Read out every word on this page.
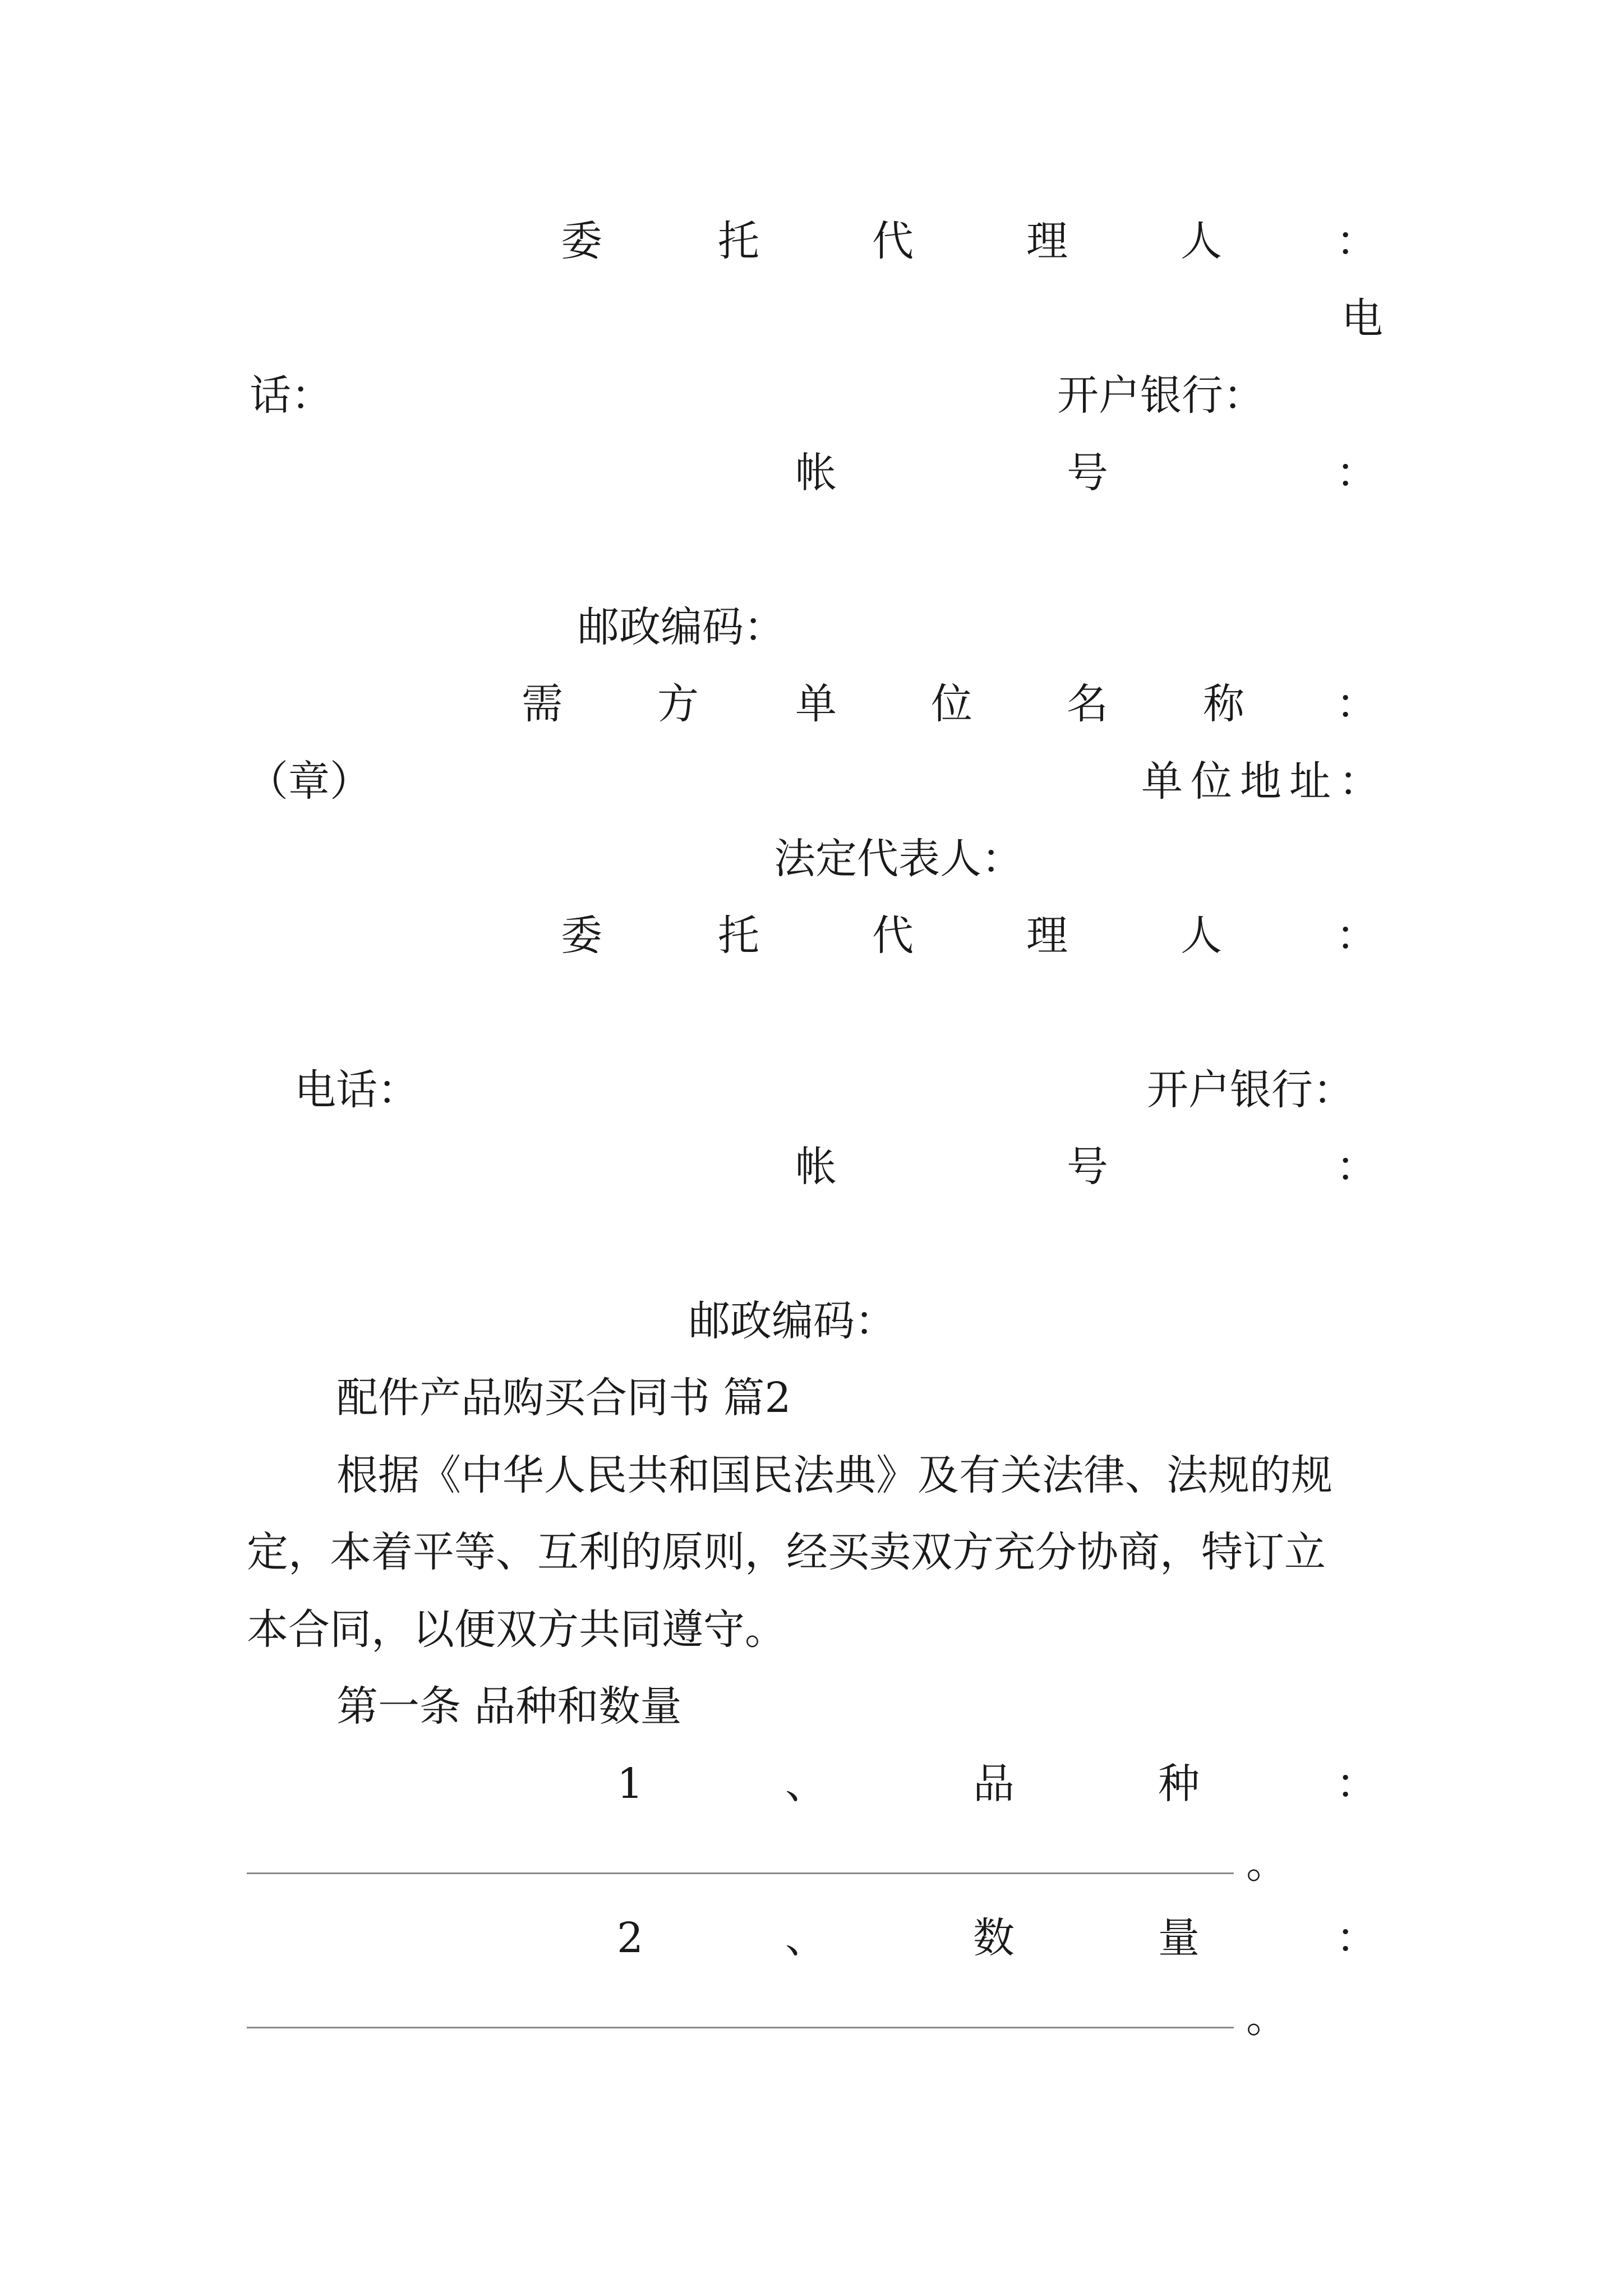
委	托	代	理	人	：
电
话：	开户银行：
帐	号	：
邮政编码：
需 方 单 位 名 称 ：
（章）	单位地址：
法定代表人：
委	托	代	理	人	：
电话：	开户银行：
帐	号	：
邮政编码：
配件产品购买合同书 篇2
根据《中华人民共和国民法典》及有关法律、法规的规
定，本着平等、互利的原则，经买卖双方充分协商，特订立
本合同，以便双方共同遵守。
第一条 品种和数量
1	、	品	种	：
。
2	、	数	量	：
。
